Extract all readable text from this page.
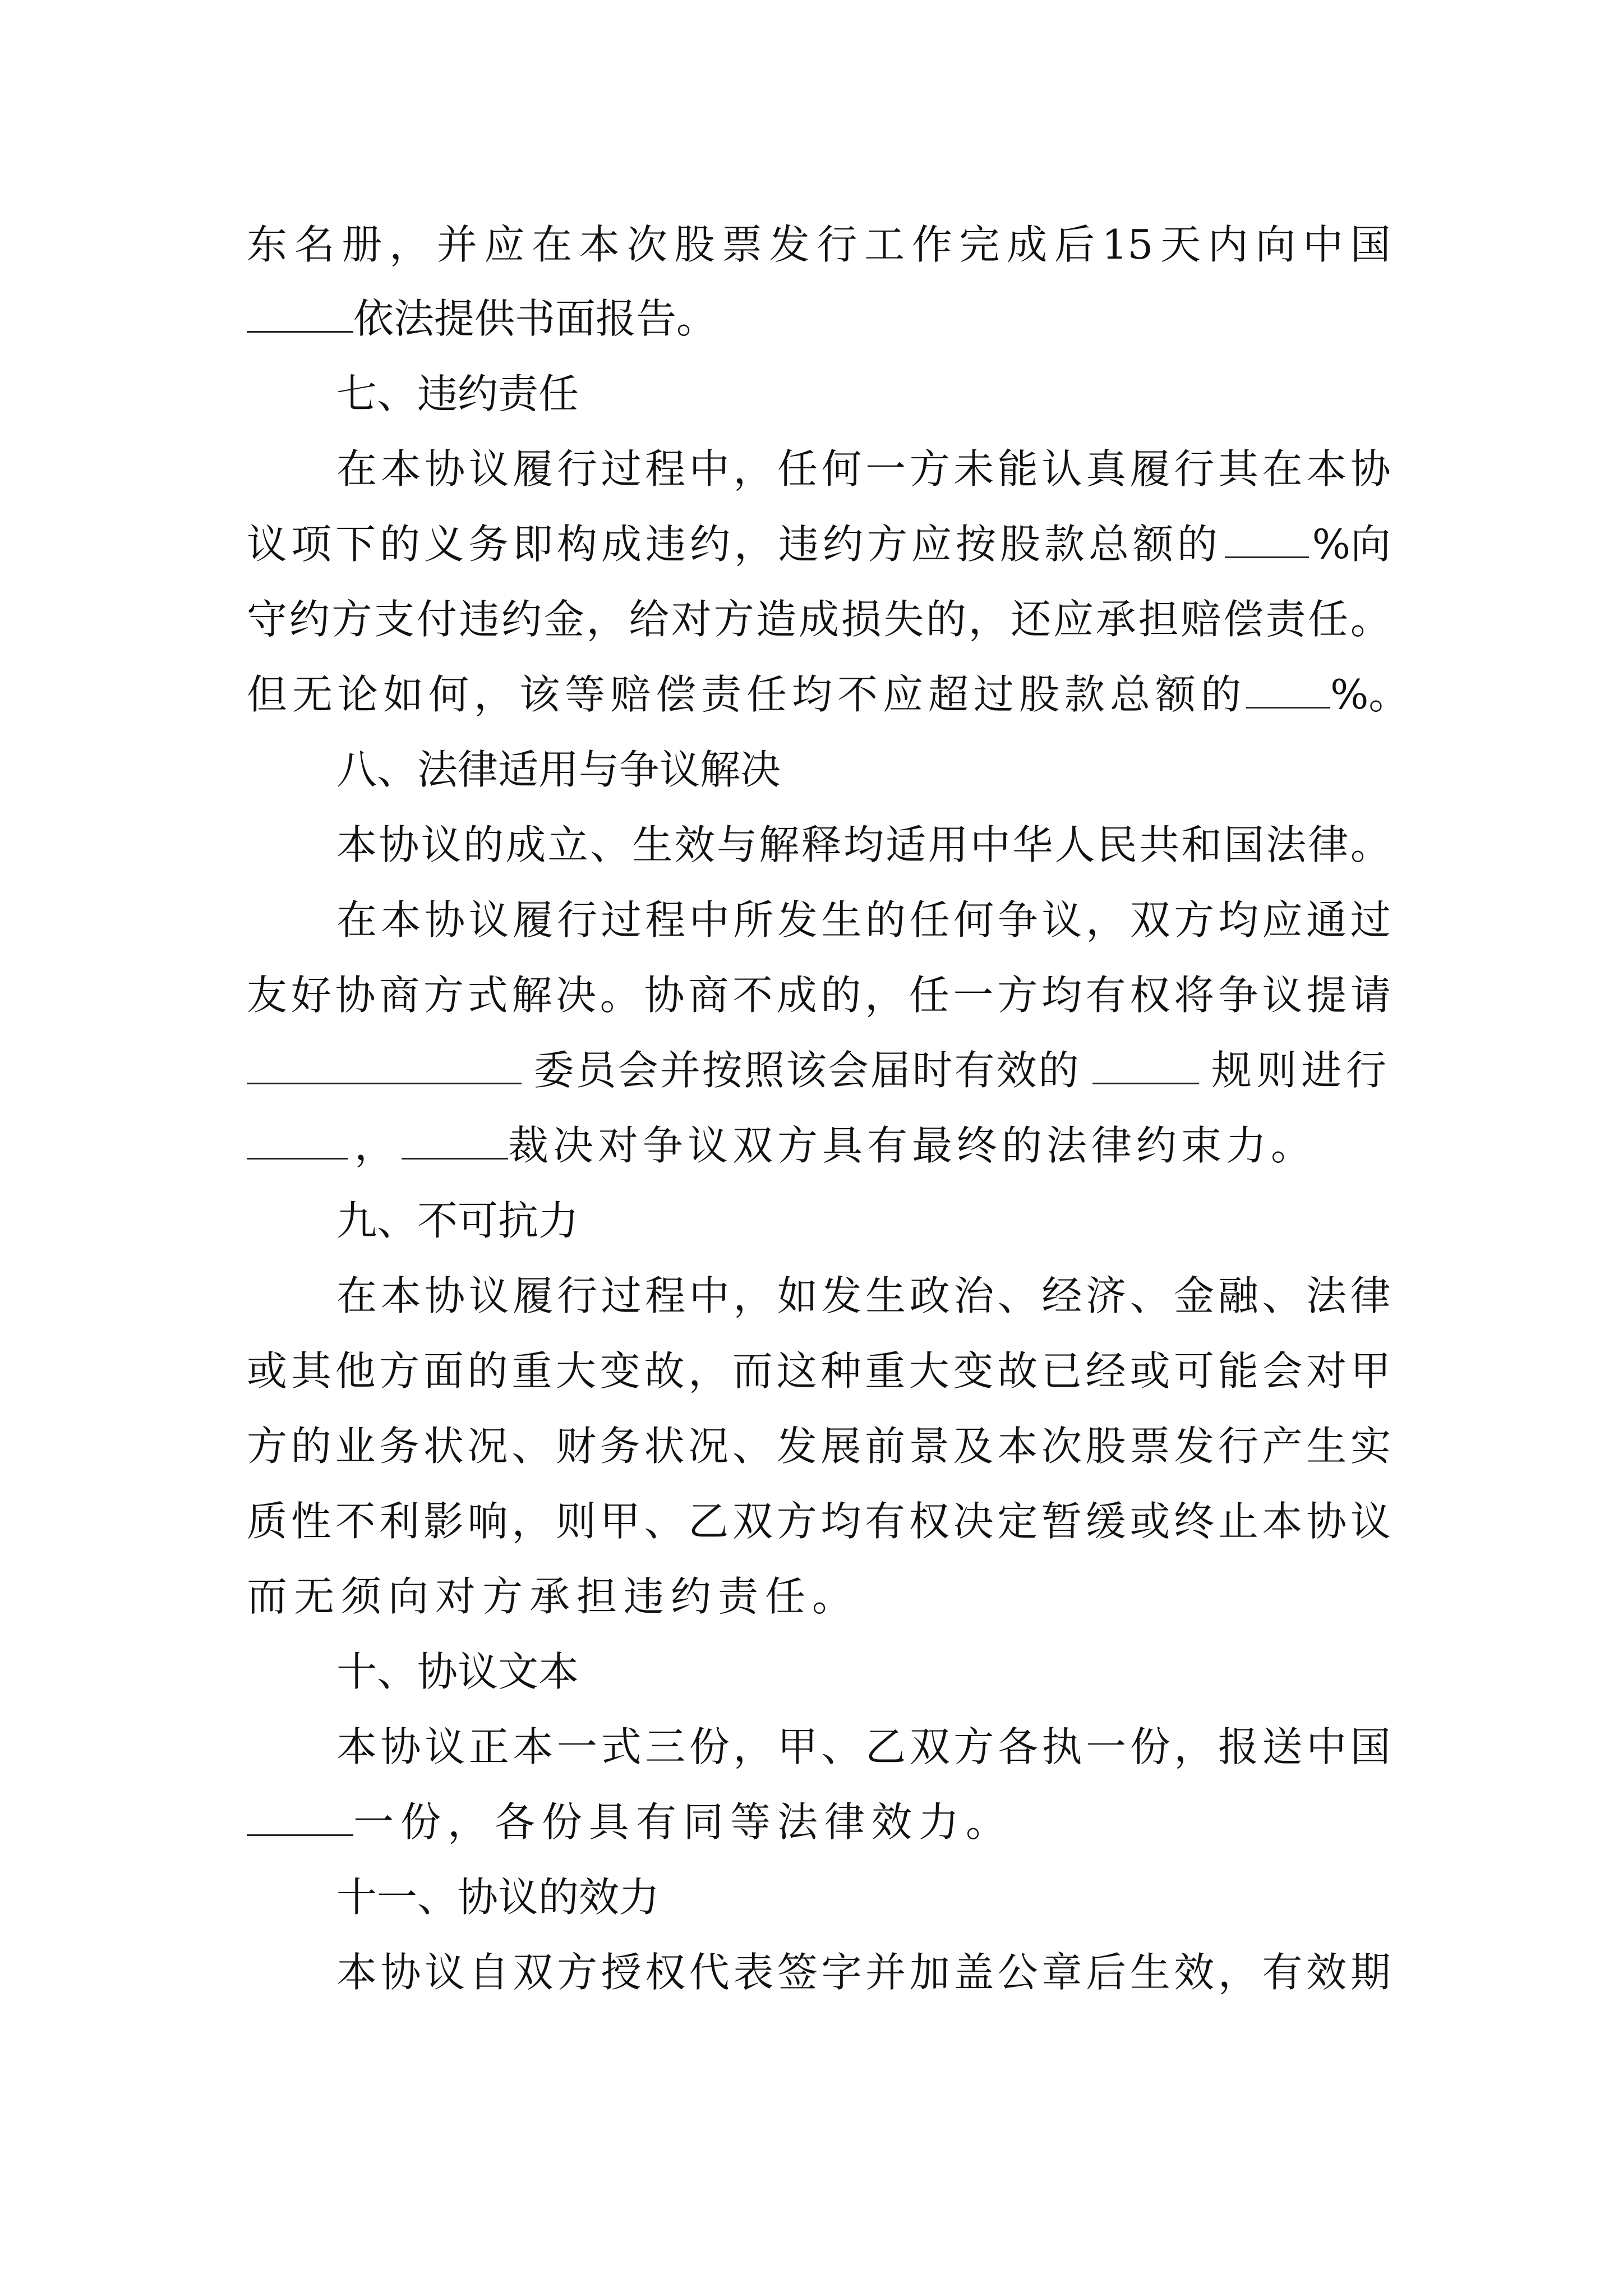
东 名 册 ， 并 应 在 本 次 股 票 发 行 工 作 完 成 后 15 天 内 向 中 国
依法提供书面报告。
七、违约责任
在 本 协 议 履 行 过 程 中 ， 任 何 一 方 未 能 认 真 履 行 其 在 本 协
议项下的义务即构成违约，违约方应按股款总额的 %向
守 约 方 支 付 违 约 金 ， 给 对 方 造 成 损 失 的 ， 还 应 承 担 赔 偿 责 任 。
但无论如何，该等赔偿责任均不应超过股款总额的 %。
八、法律适用与争议解决
本 协 议 的 成 立 、 生 效 与 解 释 均 适 用 中 华 人 民 共 和 国 法 律 。
在 本 协 议 履 行 过 程 中 所 发 生 的 任 何 争 议 ， 双 方 均 应 通 过
友 好 协 商 方 式 解 决 。 协 商 不 成 的 ， 任 一 方 均 有 权 将 争 议 提 请
委员会并按照该会届时有效的	规则进行
，	裁决对争议双方具有最终的法律约束力。
九、不可抗力
在 本 协 议 履 行 过 程 中 ， 如 发 生 政 治 、 经 济 、 金 融 、 法 律
或 其 他 方 面 的 重 大 变 故 ， 而 这 种 重 大 变 故 已 经 或 可 能 会 对 甲
方 的 业 务 状 况 、 财 务 状 况 、 发 展 前 景 及 本 次 股 票 发 行 产 生 实
质 性 不 利 影 响 ， 则 甲 、 乙 双 方 均 有 权 决 定 暂 缓 或 终 止 本 协 议
而无须向对方承担违约责任。
十、协议文本
本 协 议 正 本 一 式 三 份 ， 甲 、 乙 双 方 各 执 一 份 ， 报 送 中 国
一份，各份具有同等法律效力。
十一、协议的效力
本 协 议 自 双 方 授 权 代 表 签 字 并 加 盖 公 章 后 生 效 ， 有 效 期
